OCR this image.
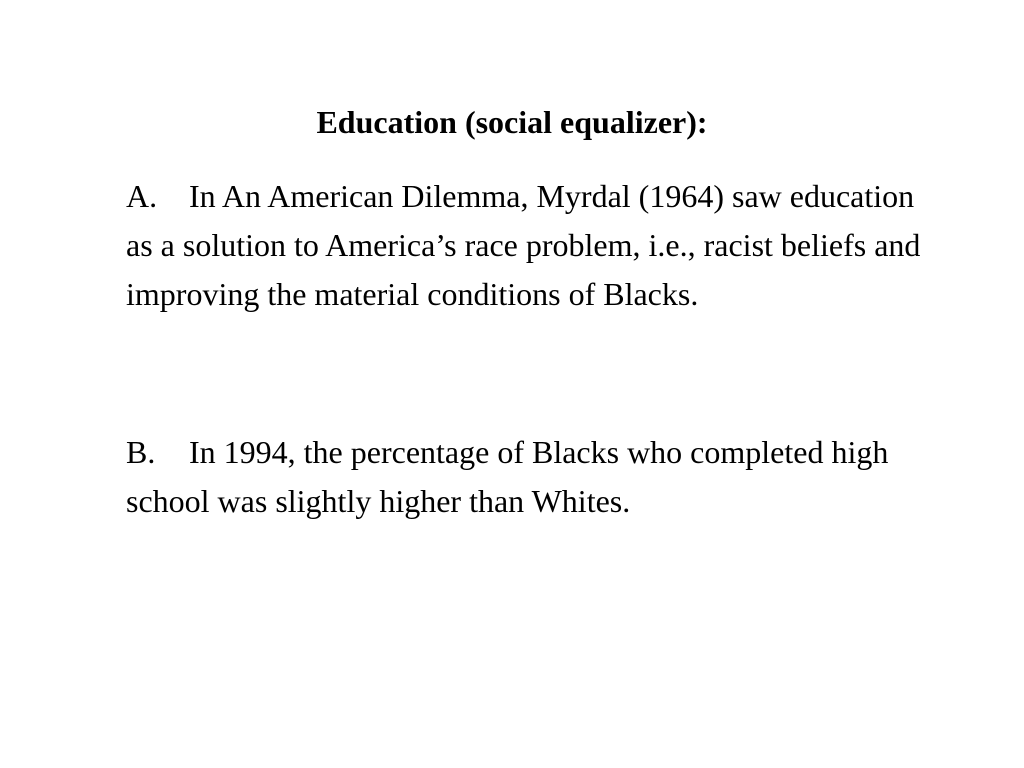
Education (social equalizer):

A. In An American Dilemma, Myrdal (1964) saw education as a solution to America’s race problem, i.e., racist beliefs and improving the material conditions of Blacks.

B. In 1994, the percentage of Blacks who completed high school was slightly higher than Whites.
